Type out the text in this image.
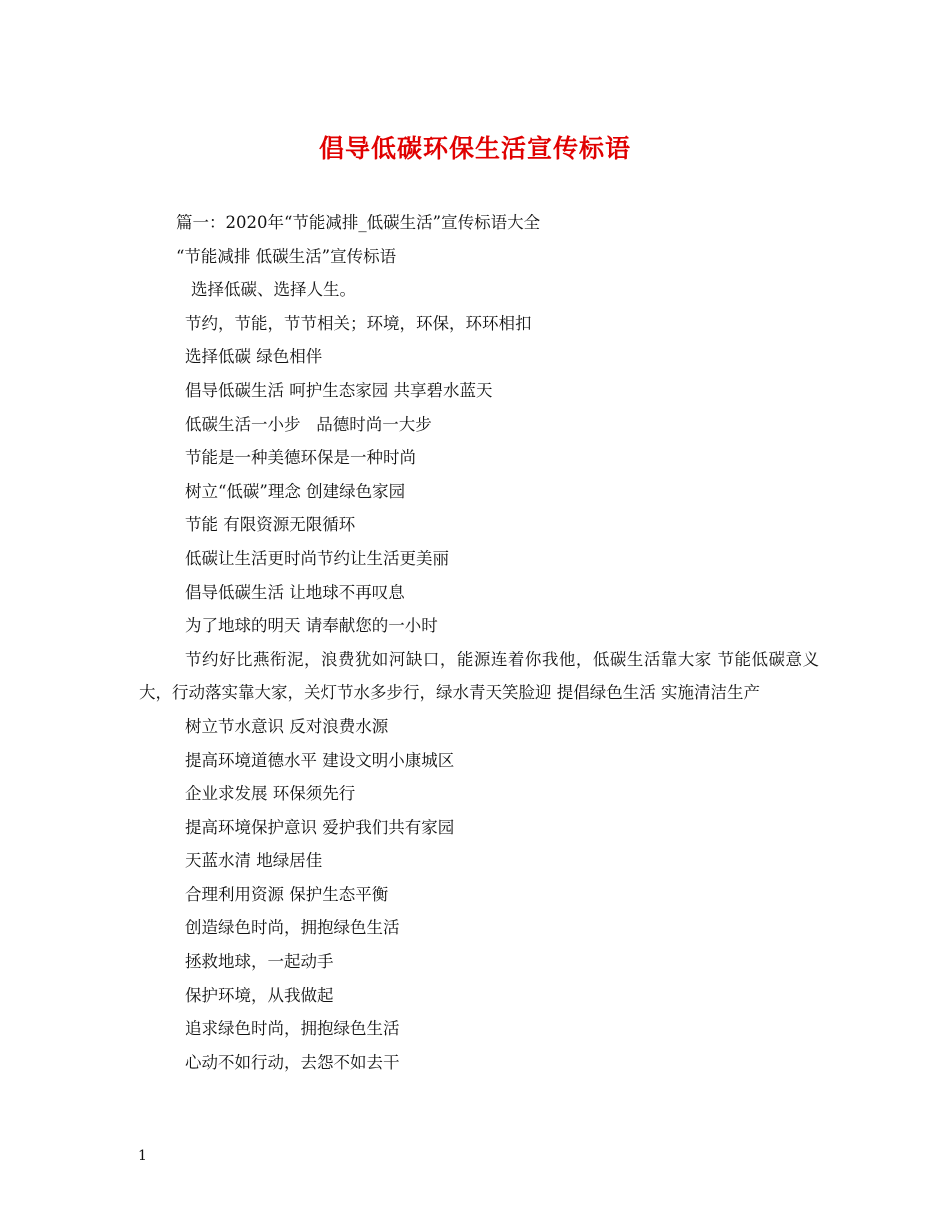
倡导低碳环保生活宣传标语
篇一：2020年“节能减排_低碳生活”宣传标语大全
“节能减排 低碳生活”宣传标语
选择低碳、选择人生。
节约，节能，节节相关；环境，环保，环环相扣
选择低碳 绿色相伴
倡导低碳生活 呵护生态家园 共享碧水蓝天
低碳生活一小步   品德时尚一大步
节能是一种美德环保是一种时尚
树立“低碳”理念 创建绿色家园
节能 有限资源无限循环
低碳让生活更时尚节约让生活更美丽
倡导低碳生活 让地球不再叹息
为了地球的明天 请奉献您的一小时
节约好比燕衔泥，浪费犹如河缺口，能源连着你我他，低碳生活靠大家 节能低碳意义大，行动落实靠大家，关灯节水多步行，绿水青天笑脸迎 提倡绿色生活 实施清洁生产
树立节水意识 反对浪费水源
提高环境道德水平 建设文明小康城区
企业求发展 环保须先行
提高环境保护意识 爱护我们共有家园
天蓝水清 地绿居佳
合理利用资源 保护生态平衡
创造绿色时尚，拥抱绿色生活
拯救地球，一起动手
保护环境，从我做起
追求绿色时尚，拥抱绿色生活
心动不如行动，去怨不如去干
1
